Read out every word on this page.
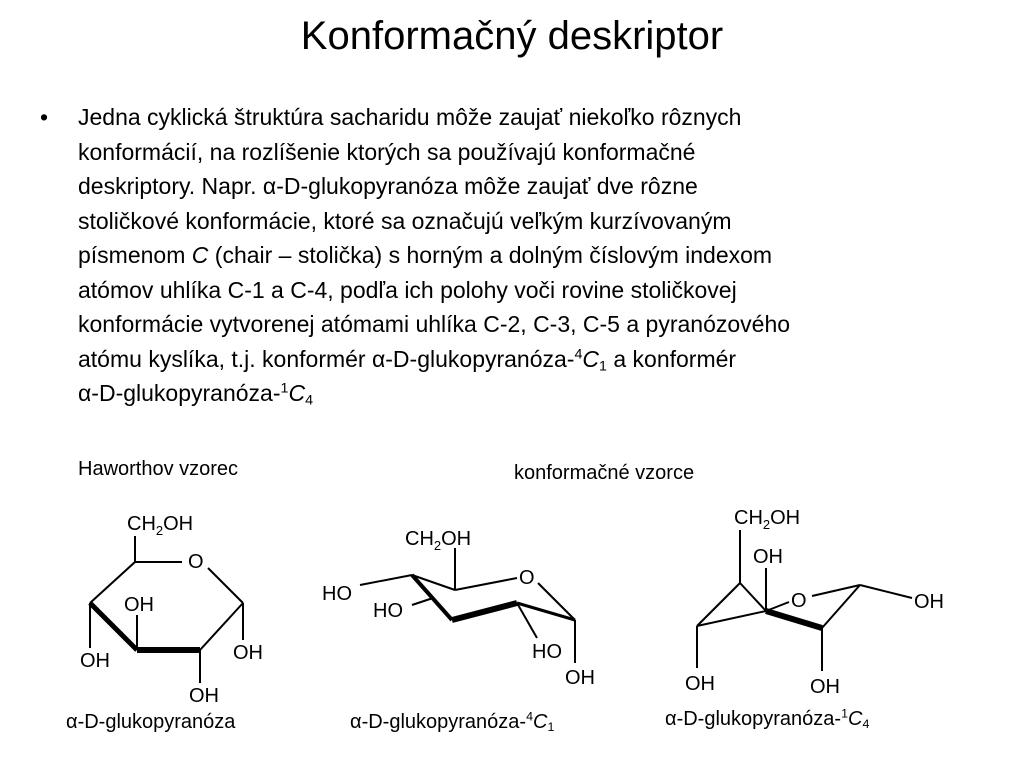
Konformačný deskriptor
• Jedna cyklická štruktúra sacharidu môže zaujať niekoľko rôznych
konformácií, na rozlíšenie ktorých sa používajú konformačné
deskriptory. Napr. α-D-glukopyranóza môže zaujať dve rôzne
stoličkové konformácie, ktoré sa označujú veľkým kurzívovaným
písmenom C (chair – stolička) s horným a dolným číslovým indexom
atómov uhlíka C-1 a C-4, podľa ich polohy voči rovine stoličkovej
konformácie vytvorenej atómami uhlíka C-2, C-3, C-5 a pyranózového
atómu kyslíka, t.j. konformér $\alpha-D-glukopyranóza-^4C_1$ a konformér
$\alpha-D-glukopyranóza-^1C_4$
Haworthov vzorec	konformačné vzorce
$CH_2OH$
O
OH
OH	OH
OH
$CH_2OH$
O
HO
HO
HO
OH
$CH_2OH$
OH
O	OH
OH	OH
α-D-glukopyranóza	$\alpha-D-glukopyranóza-^4C_1$	$\alpha-D-glukopyranóza-^1C_4$
